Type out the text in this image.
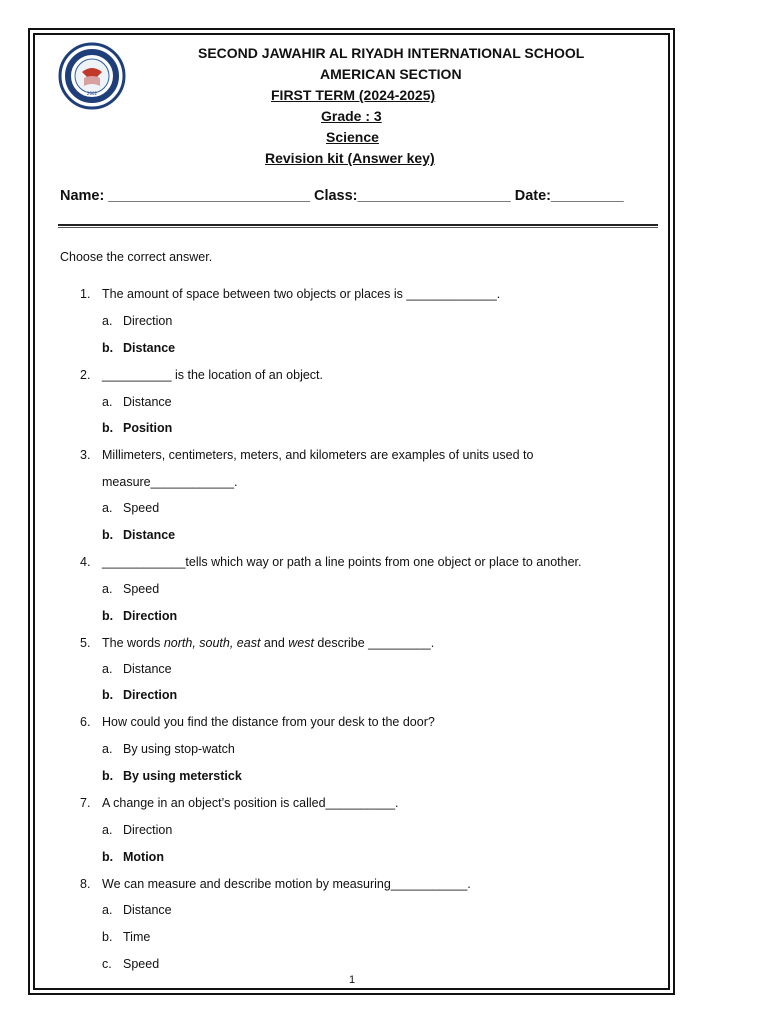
2002
SECOND JAWAHIR AL RIYADH INTERNATIONAL SCHOOL
AMERICAN SECTION
FIRST TERM (2024-2025)
Grade : 3
Science
Revision kit (Answer key)
Name: _________________________ Class:___________________ Date:_________
Choose the correct answer.
1. The amount of space between two objects or places is _____________.
a. Direction
b. Distance
2. __________ is the location of an object.
a. Distance
b. Position
3. Millimeters, centimeters, meters, and kilometers are examples of units used to
measure____________.
a. Speed
b. Distance
4. ____________tells which way or path a line points from one object or place to another.
a. Speed
b. Direction
5. The words north, south, east and west describe _________.
a. Distance
b. Direction
6. How could you find the distance from your desk to the door?
a. By using stop-watch
b. By using meterstick
7. A change in an object’s position is called__________.
a. Direction
b. Motion
8. We can measure and describe motion by measuring___________.
a. Distance
b. Time
c. Speed
1
